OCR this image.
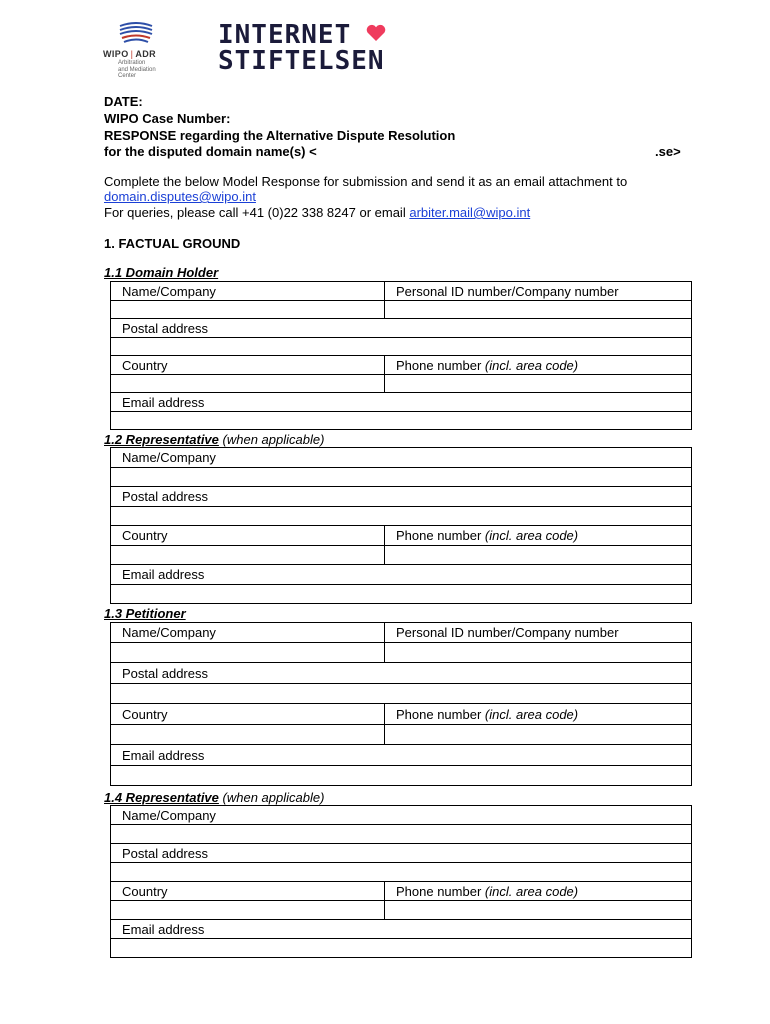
WIPO | ADR
Arbitration
and Mediation
Center
INTERNET
STIFTELSEN
DATE:
WIPO Case Number:
RESPONSE regarding the Alternative Dispute Resolution
for the disputed domain name(s) <	.se>
Complete the below Model Response for submission and send it as an email attachment to
domain.disputes@wipo.int
For queries, please call +41 (0)22 338 8247 or email arbiter.mail@wipo.int
1. FACTUAL GROUND
1.1 Domain Holder
Name/Company	Personal ID number/Company number

Postal address	

Country	Phone number (incl. area code)

Email address	

1.2 Representative (when applicable)
Name/Company	

Postal address	

Country	Phone number (incl. area code)

Email address	

1.3 Petitioner
Name/Company	Personal ID number/Company number

Postal address	

Country	Phone number (incl. area code)

Email address	

1.4 Representative (when applicable)
Name/Company	

Postal address	

Country	Phone number (incl. area code)

Email address	
